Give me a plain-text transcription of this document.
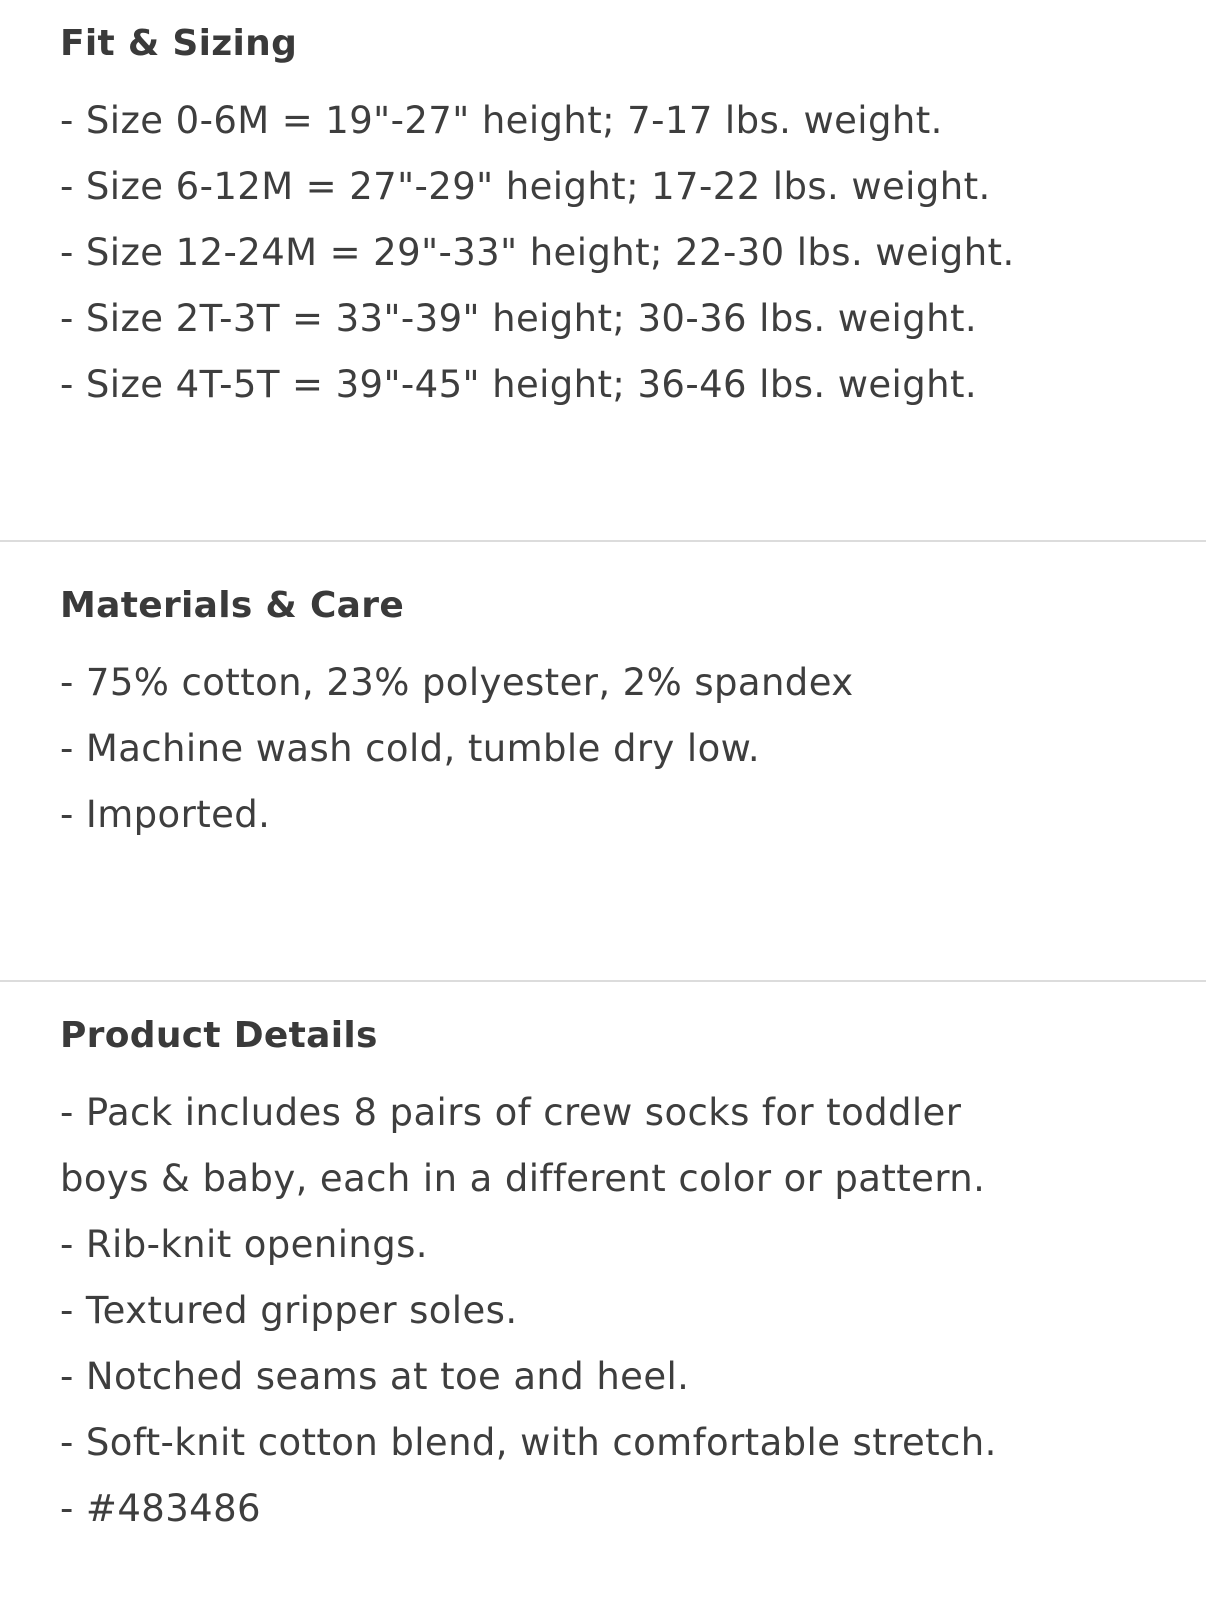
Fit & Sizing
- Size 0-6M = 19"-27" height; 7-17 lbs. weight.
- Size 6-12M = 27"-29" height; 17-22 lbs. weight.
- Size 12-24M = 29"-33" height; 22-30 lbs. weight.
- Size 2T-3T = 33"-39" height; 30-36 lbs. weight.
- Size 4T-5T = 39"-45" height; 36-46 lbs. weight.
Materials & Care
- 75% cotton, 23% polyester, 2% spandex
- Machine wash cold, tumble dry low.
- Imported.
Product Details
- Pack includes 8 pairs of crew socks for toddler
boys & baby, each in a different color or pattern.
- Rib-knit openings.
- Textured gripper soles.
- Notched seams at toe and heel.
- Soft-knit cotton blend, with comfortable stretch.
- #483486
